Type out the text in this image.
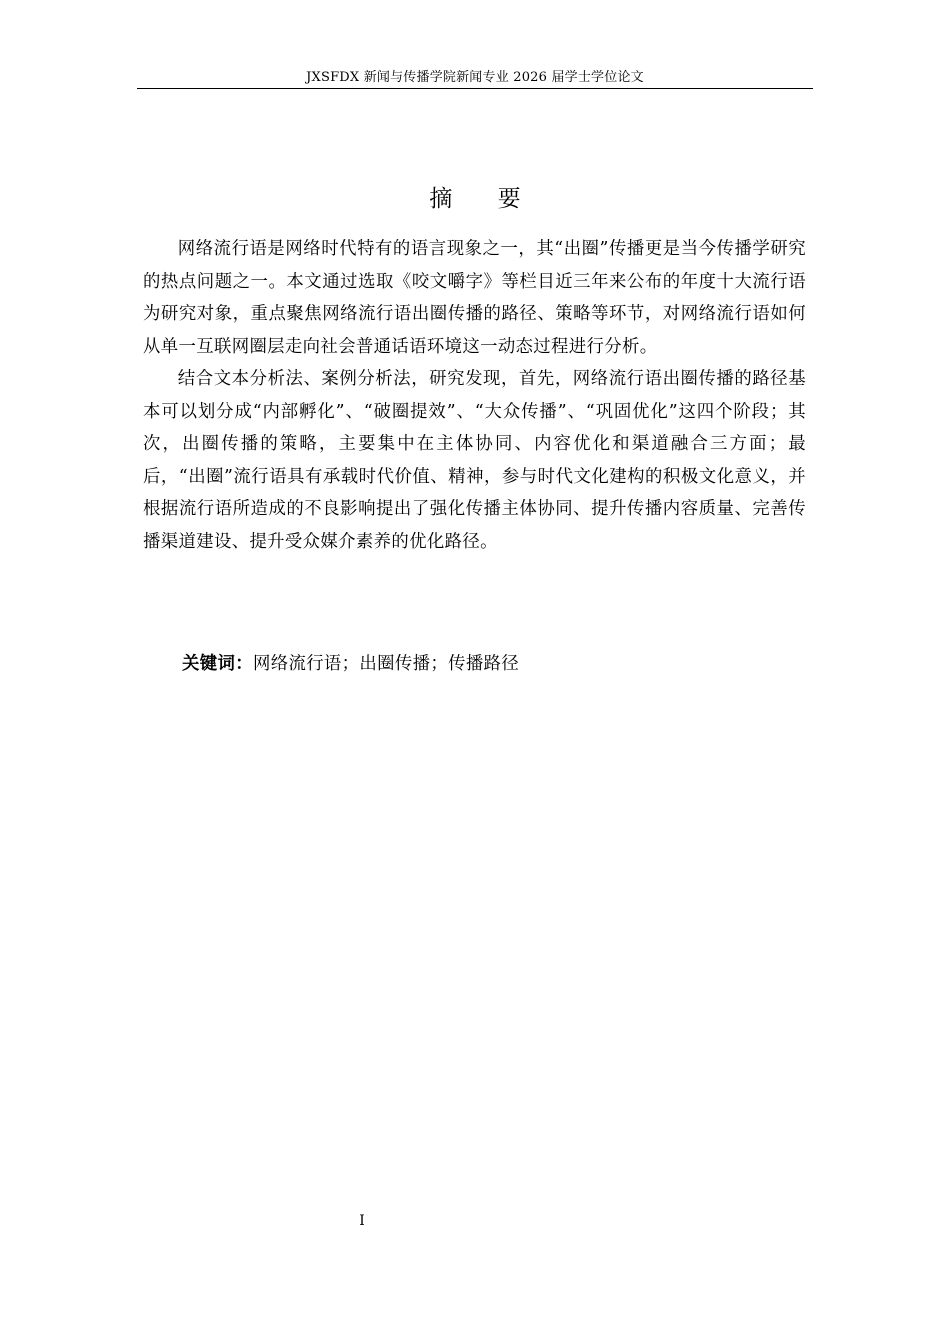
JXSFDX 新闻与传播学院新闻专业 2026 届学士学位论文
摘 要

网络流行语是网络时代特有的语言现象之一，其“出圈”传播更是当今传播学研究的热点问题之一。本文通过选取《咬文嚼字》等栏目近三年来公布的年度十大流行语为研究对象，重点聚焦网络流行语出圈传播的路径、策略等环节，对网络流行语如何从单一互联网圈层走向社会普通话语环境这一动态过程进行分析。

结合文本分析法、案例分析法，研究发现，首先，网络流行语出圈传播的路径基本可以划分成“内部孵化”、“破圈提效”、“大众传播”、“巩固优化”这四个阶段；其次，出圈传播的策略，主要集中在主体协同、内容优化和渠道融合三方面；最后，“出圈”流行语具有承载时代价值、精神，参与时代文化建构的积极文化意义，并根据流行语所造成的不良影响提出了强化传播主体协同、提升传播内容质量、完善传播渠道建设、提升受众媒介素养的优化路径。

关键词：网络流行语；出圈传播；传播路径
I
